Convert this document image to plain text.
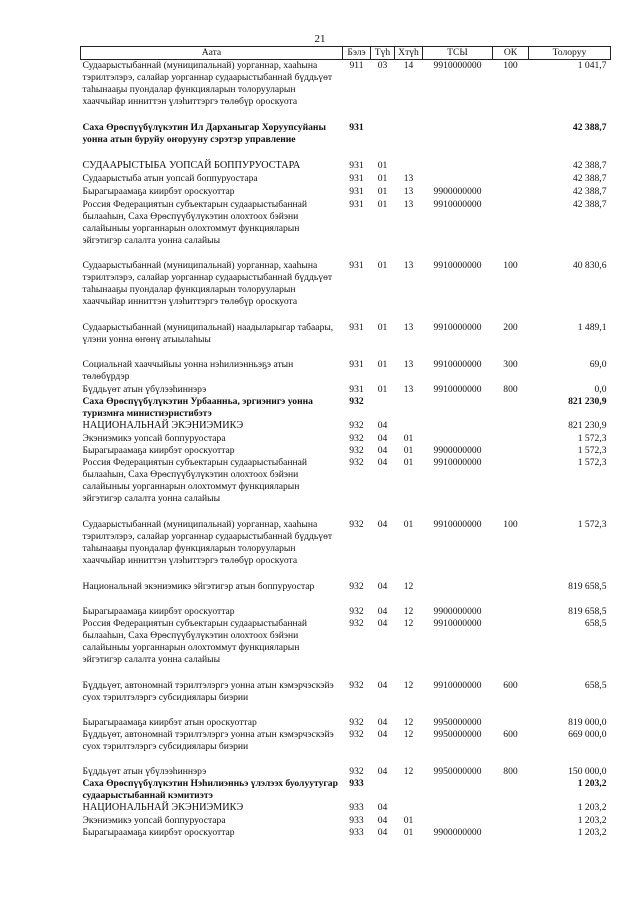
21
Аата	Бэлэ	Түһ	Хтүһ	ТСЫ	ОК	Толоруу
Судаарыстыбаннай (муниципальнай) уорганнар, хааһына тэрилтэлэрэ, салайар уорганнар судаарыстыбаннай бүддьүөт таһынааҕы пуондалар функцияларын толорууларын хааччыйар инниттэн үлэһиттэргэ төлөбүр ороскуота	911	03	14	9910000000	100	1 041,7
Саха Өрөспүүбүлүкэтин Ил Дарханыгар Хоруупсуйаны уонна атын буруйу оҥорууну сэрэтэр управление	931					42 388,7
СУДААРЫСТЫБА УОПСАЙ БОППУРУОСТАРА	931	01				42 388,7
Судаарыстыба атын уопсай боппуруостара	931	01	13			42 388,7
Бырагыраамаҕа киирбэт ороскуоттар	931	01	13	9900000000		42 388,7
Россия Федерациятын субъектарын судаарыстыбаннай былааһын, Саха Өрөспүүбүлүкэтин олохтоох бэйэни салайыныы уорганнарын олохтоммут функцияларын эйгэтигэр салалта уонна салайыы	931	01	13	9910000000		42 388,7
Судаарыстыбаннай (муниципальнай) уорганнар, хааһына тэрилтэлэрэ, салайар уорганнар судаарыстыбаннай бүддьүөт таһынааҕы пуондалар функцияларын толорууларын хааччыйар инниттэн үлэһиттэргэ төлөбүр ороскуота	931	01	13	9910000000	100	40 830,6
Судаарыстыбаннай (муниципальнай) наадыларыгар табаары, үлэни уонна өҥөнү атыылаһыы	931	01	13	9910000000	200	1 489,1
Социальнай хааччыйыы уонна нэһилиэнньэҕэ атын төлөбүрдэр	931	01	13	9910000000	300	69,0
Бүддьүөт атын үбүлээһиннэрэ	931	01	13	9910000000	800	0,0
Саха Өрөспүүбүлүкэтин Урбаанньа, эргиэнигэ уонна туризмҥа министиэристибэтэ	932					821 230,9
НАЦИОНАЛЬНАЙ ЭКЭНИЭМИКЭ	932	04				821 230,9
Экэниэмикэ уопсай боппуруостара	932	04	01			1 572,3
Бырагыраамаҕа киирбэт ороскуоттар	932	04	01	9900000000		1 572,3
Россия Федерациятын субъектарын судаарыстыбаннай былааһын, Саха Өрөспүүбүлүкэтин олохтоох бэйэни салайыныы уорганнарын олохтоммут функцияларын эйгэтигэр салалта уонна салайыы	932	04	01	9910000000		1 572,3
Судаарыстыбаннай (муниципальнай) уорганнар, хааһына тэрилтэлэрэ, салайар уорганнар судаарыстыбаннай бүддьүөт таһынааҕы пуондалар функцияларын толорууларын хааччыйар инниттэн үлэһиттэргэ төлөбүр ороскуота	932	04	01	9910000000	100	1 572,3
Национальнай экэниэмикэ эйгэтигэр атын боппуруостар	932	04	12			819 658,5
Бырагыраамаҕа киирбэт ороскуоттар	932	04	12	9900000000		819 658,5
Россия Федерациятын субъектарын судаарыстыбаннай былааһын, Саха Өрөспүүбүлүкэтин олохтоох бэйэни салайыныы уорганнарын олохтоммут функцияларын эйгэтигэр салалта уонна салайыы	932	04	12	9910000000		658,5
Бүддьүөт, автономнай тэрилтэлэргэ уонна атын кэмэрчэскэйэ суох тэрилтэлэргэ субсидиялары биэрии	932	04	12	9910000000	600	658,5
Бырагыраамаҕа киирбэт атын ороскуоттар	932	04	12	9950000000		819 000,0
Бүддьүөт, автономнай тэрилтэлэргэ уонна атын кэмэрчэскэйэ суох тэрилтэлэргэ субсидиялары биэрии	932	04	12	9950000000	600	669 000,0
Бүддьүөт атын үбүлээһиннэрэ	932	04	12	9950000000	800	150 000,0
Саха Өрөспүүбүлүкэтин Нэһилиэнньэ үлэлээх буолуутугар судаарыстыбаннай кэмитиэтэ	933					1 203,2
НАЦИОНАЛЬНАЙ ЭКЭНИЭМИКЭ	933	04				1 203,2
Экэниэмикэ уопсай боппуруостара	933	04	01			1 203,2
Бырагыраамаҕа киирбэт ороскуоттар	933	04	01	9900000000		1 203,2
